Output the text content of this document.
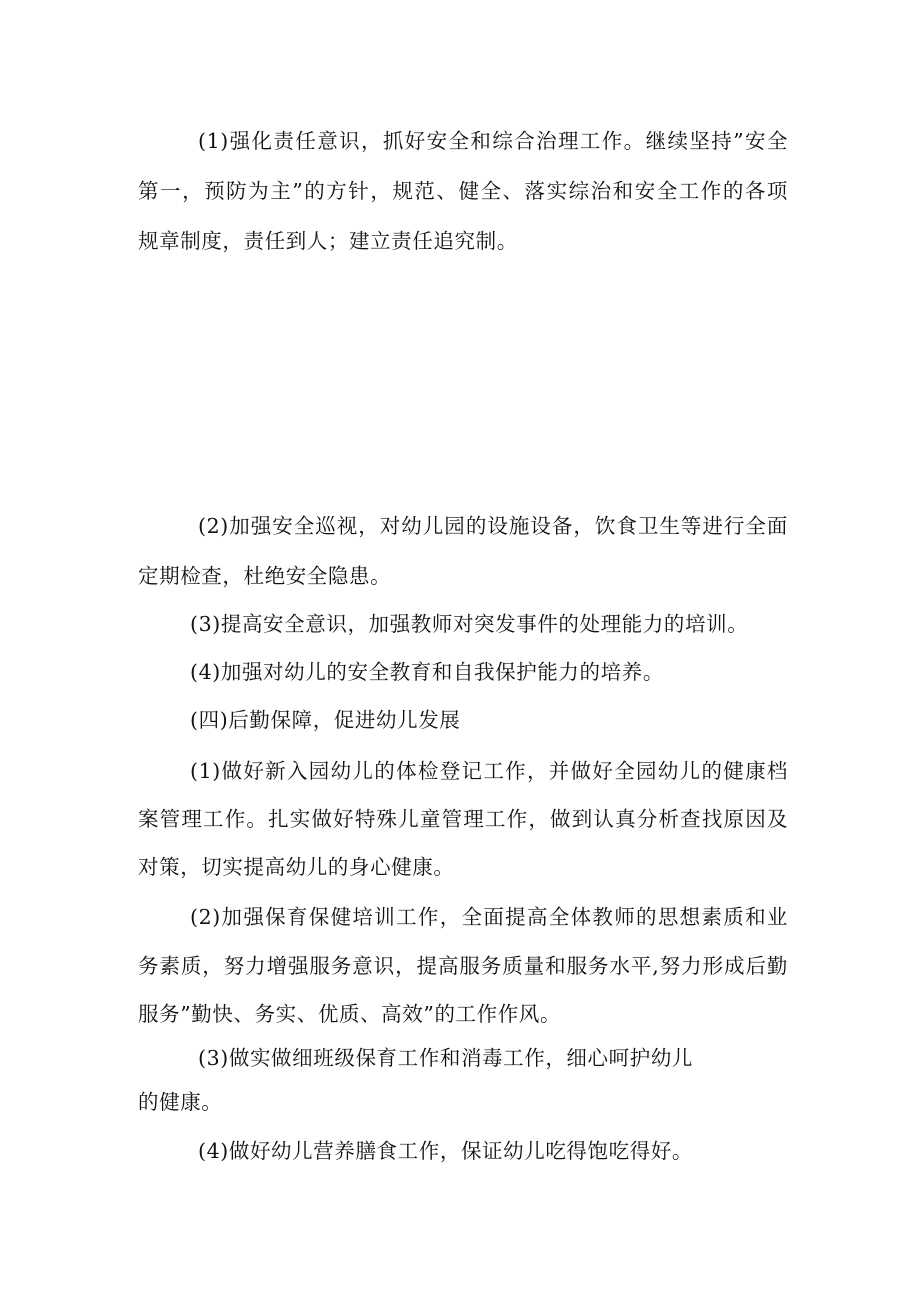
(1)强化责任意识，抓好安全和综合治理工作。继续坚持”安全
第一，预防为主”的方针，规范、健全、落实综治和安全工作的各项
规章制度，责任到人；建立责任追究制。
(2)加强安全巡视，对幼儿园的设施设备，饮食卫生等进行全面
定期检查，杜绝安全隐患。
(3)提高安全意识，加强教师对突发事件的处理能力的培训。
(4)加强对幼儿的安全教育和自我保护能力的培养。
(四)后勤保障，促进幼儿发展
(1)做好新入园幼儿的体检登记工作，并做好全园幼儿的健康档
案管理工作。扎实做好特殊儿童管理工作，做到认真分析查找原因及
对策，切实提高幼儿的身心健康。
(2)加强保育保健培训工作，全面提高全体教师的思想素质和业
务素质，努力增强服务意识，提高服务质量和服务水平,努力形成后勤
服务”勤快、务实、优质、高效”的工作作风。
(3)做实做细班级保育工作和消毒工作，细心呵护幼儿
的健康。
(4)做好幼儿营养膳食工作，保证幼儿吃得饱吃得好。
